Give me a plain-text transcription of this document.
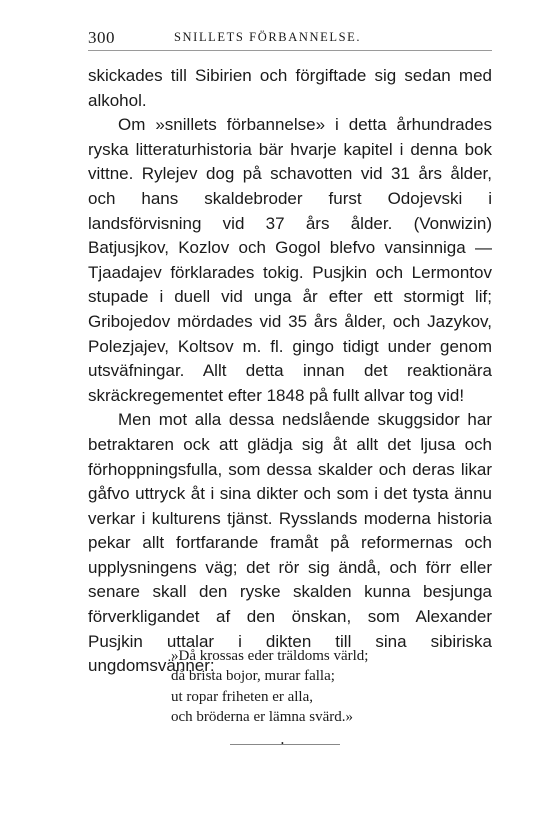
300	SNILLETS FÖRBANNELSE.

skickades till Sibirien och förgiftade sig sedan med alkohol.

Om »snillets förbannelse» i detta århundrades ryska litteraturhistoria bär hvarje kapitel i denna bok vittne. Rylejev dog på schavotten vid 31 års ålder, och hans skaldebroder furst Odojevski i landsförvisning vid 37 års ålder. (Vonwizin) Batjusjkov, Kozlov och Gogol blefvo vansinniga — Tjaadajev förklarades tokig. Pusjkin och Lermontov stupade i duell vid unga år efter ett stormigt lif; Gribojedov mördades vid 35 års ålder, och Jazykov, Polezjajev, Koltsov m. fl. gingo tidigt under genom utsväfningar. Allt detta innan det reaktionära skräckregementet efter 1848 på fullt allvar tog vid!

Men mot alla dessa nedslående skuggsidor har betraktaren ock att glädja sig åt allt det ljusa och förhoppningsfulla, som dessa skalder och deras likar gåfvo uttryck åt i sina dikter och som i det tysta ännu verkar i kulturens tjänst. Rysslands moderna historia pekar allt fortfarande framåt på reformernas och upplysningens väg; det rör sig ändå, och förr eller senare skall den ryske skalden kunna besjunga förverkligandet af den önskan, som Alexander Pusjkin uttalar i dikten till sina sibiriska ungdomsvänner:

»Då krossas eder träldoms värld;
då brista bojor, murar falla;
ut ropar friheten er alla,
och bröderna er lämna svärd.»
•
